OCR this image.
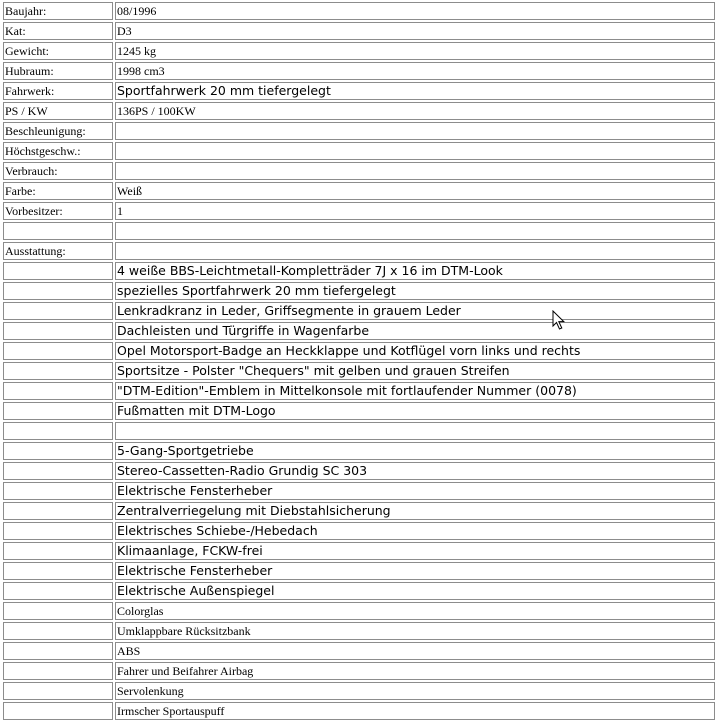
Baujahr:	08/1996
Kat:	D3
Gewicht:	1245 kg
Hubraum:	1998 cm3
Fahrwerk:	Sportfahrwerk 20 mm tiefergelegt
PS / KW	136PS / 100KW
Beschleunigung:	
Höchstgeschw.:	
Verbrauch:	
Farbe:	Weiß
Vorbesitzer:	1

Ausstattung:	
	4 weiße BBS-Leichtmetall-Kompletträder 7J x 16 im DTM-Look
	spezielles Sportfahrwerk 20 mm tiefergelegt
	Lenkradkranz in Leder, Griffsegmente in grauem Leder
	Dachleisten und Türgriffe in Wagenfarbe
	Opel Motorsport-Badge an Heckklappe und Kotflügel vorn links und rechts
	Sportsitze - Polster "Chequers" mit gelben und grauen Streifen
	"DTM-Edition"-Emblem in Mittelkonsole mit fortlaufender Nummer (0078)
	Fußmatten mit DTM-Logo

	5-Gang-Sportgetriebe
	Stereo-Cassetten-Radio Grundig SC 303
	Elektrische Fensterheber
	Zentralverriegelung mit Diebstahlsicherung
	Elektrisches Schiebe-/Hebedach
	Klimaanlage, FCKW-frei
	Elektrische Fensterheber
	Elektrische Außenspiegel
	Colorglas
	Umklappbare Rücksitzbank
	ABS
	Fahrer und Beifahrer Airbag
	Servolenkung
	Irmscher Sportauspuff
